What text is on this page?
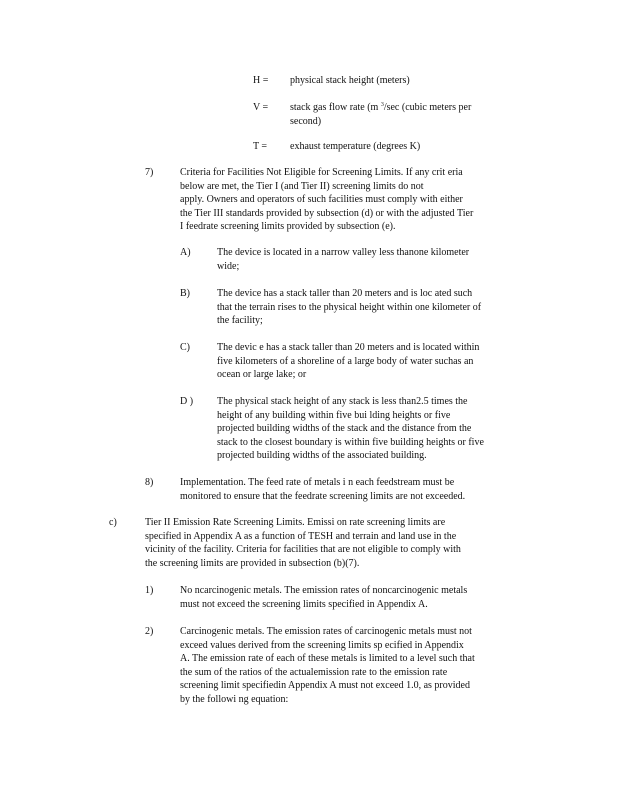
H = physical stack height (meters)

V = stack gas flow rate (m $^3$/sec (cubic meters per

second)

T = exhaust temperature (degrees K)

7)	Criteria for Facilities Not Eligible for Screening Limits. If any crit eria

below are met, the Tier I (and Tier II) screening limits do not

apply. Owners and operators of such facilities must comply with either

the Tier III standards provided by subsection (d) or with the adjusted Tier

I feedrate screening limits provided by subsection (e).

A)	The device is located in a narrow valley less thanone kilometer

wide;

B)	The device has a stack taller than 20 meters and is loc ated such

that the terrain rises to the physical height within one kilometer of

the facility;

C)	The devic e has a stack taller than 20 meters and is located within

five kilometers of a shoreline of a large body of water suchas an

ocean or large lake; or

D ) The physical stack height of any stack is less than2.5 times the

height of any building within five bui lding heights or five

projected building widths of the stack and the distance from the

stack to the closest boundary is within five building heights or five

projected building widths of the associated building.

8)	Implementation. The feed rate of metals i n each feedstream must be

monitored to ensure that the feedrate screening limits are not exceeded.

c)	Tier II Emission Rate Screening Limits. Emissi on rate screening limits are

specified in Appendix A as a function of TESH and terrain and land use in the

vicinity of the facility. Criteria for facilities that are not eligible to comply with

the screening limits are provided in subsection (b)(7).

1)	No ncarcinogenic metals. The emission rates of noncarcinogenic metals

must not exceed the screening limits specified in Appendix A.

2)	Carcinogenic metals. The emission rates of carcinogenic metals must not

exceed values derived from the screening limits sp ecified in Appendix

A. The emission rate of each of these metals is limited to a level such that

the sum of the ratios of the actualemission rate to the emission rate

screening limit specifiedin Appendix A must not exceed 1.0, as provided

by the followi ng equation:
